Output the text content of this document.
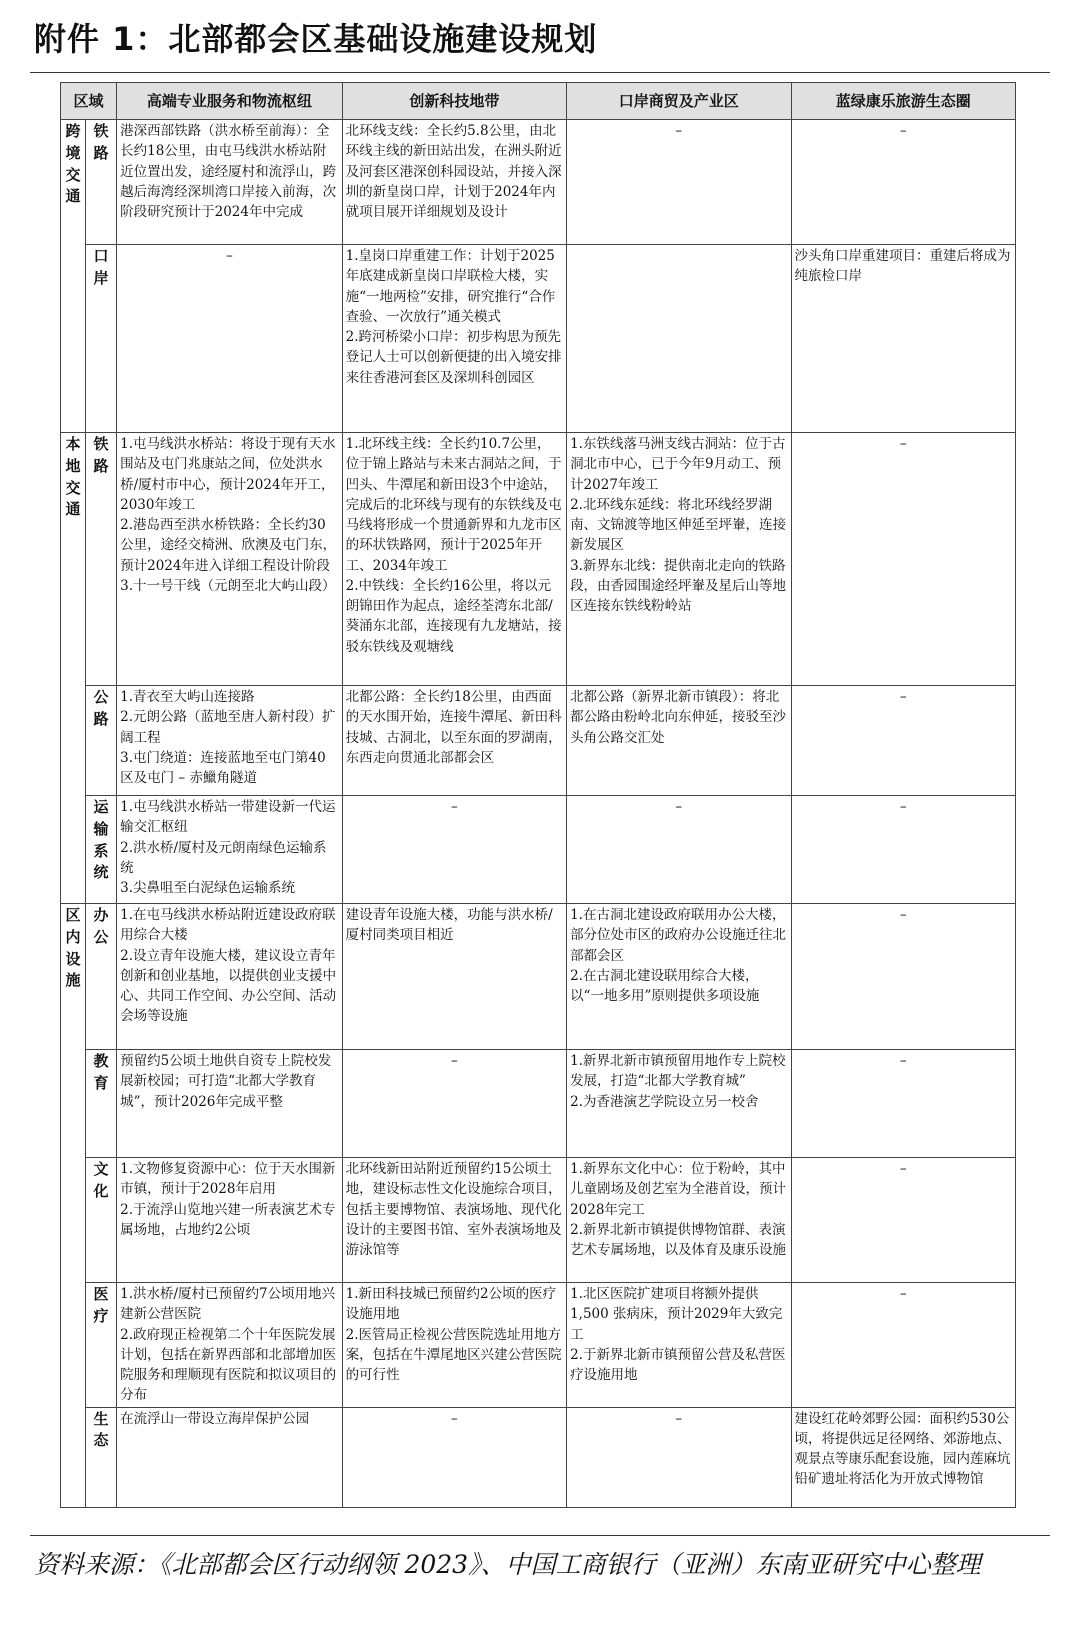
附件 1：北部都会区基础设施建设规划
区域		高端专业服务和物流枢纽	创新科技地带	口岸商贸及产业区	蓝绿康乐旅游生态圈
跨境交通	铁路	港深西部铁路（洪水桥至前海）：全长约18公里，由屯马线洪水桥站附近位置出发，途经厦村和流浮山，跨越后海湾经深圳湾口岸接入前海，次阶段研究预计于2024年中完成	北环线支线：全长约5.8公里，由北环线主线的新田站出发，在洲头附近及河套区港深创科园设站，并接入深圳的新皇岗口岸，计划于2024年内就项目展开详细规划及设计	–	–

	口岸	–	1.皇岗口岸重建工作：计划于2025年底建成新皇岗口岸联检大楼，实施“一地两检”安排，研究推行“合作查验、一次放行”通关模式
2.跨河桥梁小口岸：初步构思为预先登记人士可以创新便捷的出入境安排来往香港河套区及深圳科创园区		沙头角口岸重建项目：重建后将成为纯旅检口岸

本地交通	铁路	1.屯马线洪水桥站：将设于现有天水围站及屯门兆康站之间，位处洪水桥/厦村市中心，预计2024年开工，2030年竣工
2.港岛西至洪水桥铁路：全长约30公里，途经交椅洲、欣澳及屯门东，预计2024年进入详细工程设计阶段
3.十一号干线（元朗至北大屿山段）	1.北环线主线：全长约10.7公里，位于锦上路站与未来古洞站之间，于凹头、牛潭尾和新田设3个中途站，完成后的北环线与现有的东铁线及屯马线将形成一个贯通新界和九龙市区的环状铁路网，预计于2025年开工、2034年竣工
2.中铁线：全长约16公里，将以元朗锦田作为起点，途经荃湾东北部/葵涌东北部，连接现有九龙塘站，接驳东铁线及观塘线	1.东铁线落马洲支线古洞站：位于古洞北市中心，已于今年9月动工、预计2027年竣工
2.北环线东延线：将北环线经罗湖南、文锦渡等地区伸延至坪輋，连接新发展区
3.新界东北线：提供南北走向的铁路段，由香园围途经坪輋及星后山等地区连接东铁线粉岭站	–

	公路	1.青衣至大屿山连接路
2.元朗公路（蓝地至唐人新村段）扩阔工程
3.屯门绕道：连接蓝地至屯门第40区及屯门 – 赤鱲角隧道	北都公路：全长约18公里，由西面的天水围开始，连接牛潭尾、新田科技城、古洞北，以至东面的罗湖南，东西走向贯通北部都会区	北都公路（新界北新市镇段）：将北都公路由粉岭北向东伸延，接驳至沙头角公路交汇处	–

	运输系统	1.屯马线洪水桥站一带建设新一代运输交汇枢纽
2.洪水桥/厦村及元朗南绿色运输系统
3.尖鼻咀至白泥绿色运输系统	–	–	–

区内设施	办公	1.在屯马线洪水桥站附近建设政府联用综合大楼
2.设立青年设施大楼，建议设立青年创新和创业基地，以提供创业支援中心、共同工作空间、办公空间、活动会场等设施	建设青年设施大楼，功能与洪水桥/厦村同类项目相近	1.在古洞北建设政府联用办公大楼，部分位处市区的政府办公设施迁往北部都会区
2.在古洞北建设联用综合大楼，以“一地多用”原则提供多项设施	–

	教育	预留约5公顷土地供自资专上院校发展新校园；可打造“北都大学教育城”，预计2026年完成平整	–	1.新界北新市镇预留用地作专上院校发展，打造“北都大学教育城”
2.为香港演艺学院设立另一校舍	–

	文化	1.文物修复资源中心：位于天水围新市镇，预计于2028年启用
2.于流浮山览地兴建一所表演艺术专属场地，占地约2公顷	北环线新田站附近预留约15公顷土地，建设标志性文化设施综合项目，包括主要博物馆、表演场地、现代化设计的主要图书馆、室外表演场地及游泳馆等	1.新界东文化中心：位于粉岭，其中儿童剧场及创艺室为全港首设，预计2028年完工
2.新界北新市镇提供博物馆群、表演艺术专属场地，以及体育及康乐设施	–

	医疗	1.洪水桥/厦村已预留约7公顷用地兴建新公营医院
2.政府现正检视第二个十年医院发展计划，包括在新界西部和北部增加医院服务和理顺现有医院和拟议项目的分布	1.新田科技城已预留约2公顷的医疗设施用地
2.医管局正检视公营医院选址用地方案，包括在牛潭尾地区兴建公营医院的可行性	1.北区医院扩建项目将额外提供1,500 张病床，预计2029年大致完工
2.于新界北新市镇预留公营及私营医疗设施用地	–

	生态	在流浮山一带设立海岸保护公园	–	–	建设红花岭郊野公园：面积约530公顷，将提供远足径网络、郊游地点、观景点等康乐配套设施，园内莲麻坑铅矿遗址将活化为开放式博物馆
资料来源：《北部都会区行动纲领 2023》、中国工商银行（亚洲）东南亚研究中心整理
